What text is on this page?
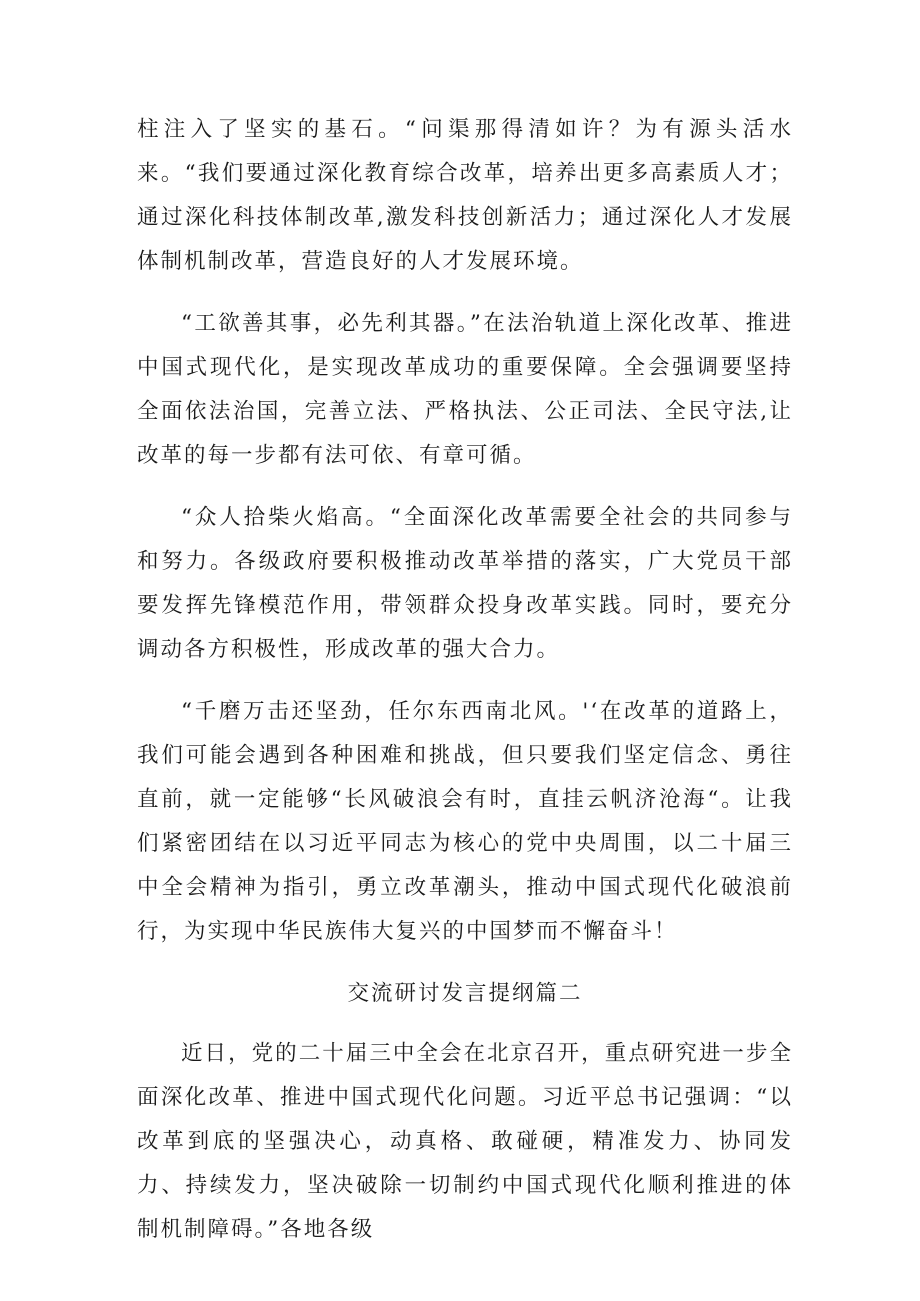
柱注入了坚实的基石。“问渠那得清如许？为有源头活水来。“我们要通过深化教育综合改革，培养出更多高素质人才；通过深化科技体制改革,激发科技创新活力；通过深化人才发展体制机制改革，营造良好的人才发展环境。

“工欲善其事，必先利其器。”在法治轨道上深化改革、推进中国式现代化，是实现改革成功的重要保障。全会强调要坚持全面依法治国，完善立法、严格执法、公正司法、全民守法,让改革的每一步都有法可依、有章可循。

“众人拾柴火焰高。“全面深化改革需要全社会的共同参与和努力。各级政府要积极推动改革举措的落实，广大党员干部要发挥先锋模范作用，带领群众投身改革实践。同时，要充分调动各方积极性，形成改革的强大合力。

“千磨万击还坚劲，任尔东西南北风。'‘在改革的道路上，我们可能会遇到各种困难和挑战，但只要我们坚定信念、勇往直前，就一定能够“长风破浪会有时，直挂云帆济沧海“。让我们紧密团结在以习近平同志为核心的党中央周围，以二十届三中全会精神为指引，勇立改革潮头，推动中国式现代化破浪前行，为实现中华民族伟大复兴的中国梦而不懈奋斗！

交流研讨发言提纲篇二

近日，党的二十届三中全会在北京召开，重点研究进一步全面深化改革、推进中国式现代化问题。习近平总书记强调：“以改革到底的坚强决心，动真格、敢碰硬，精准发力、协同发力、持续发力，坚决破除一切制约中国式现代化顺利推进的体制机制障碍。”各地各级
